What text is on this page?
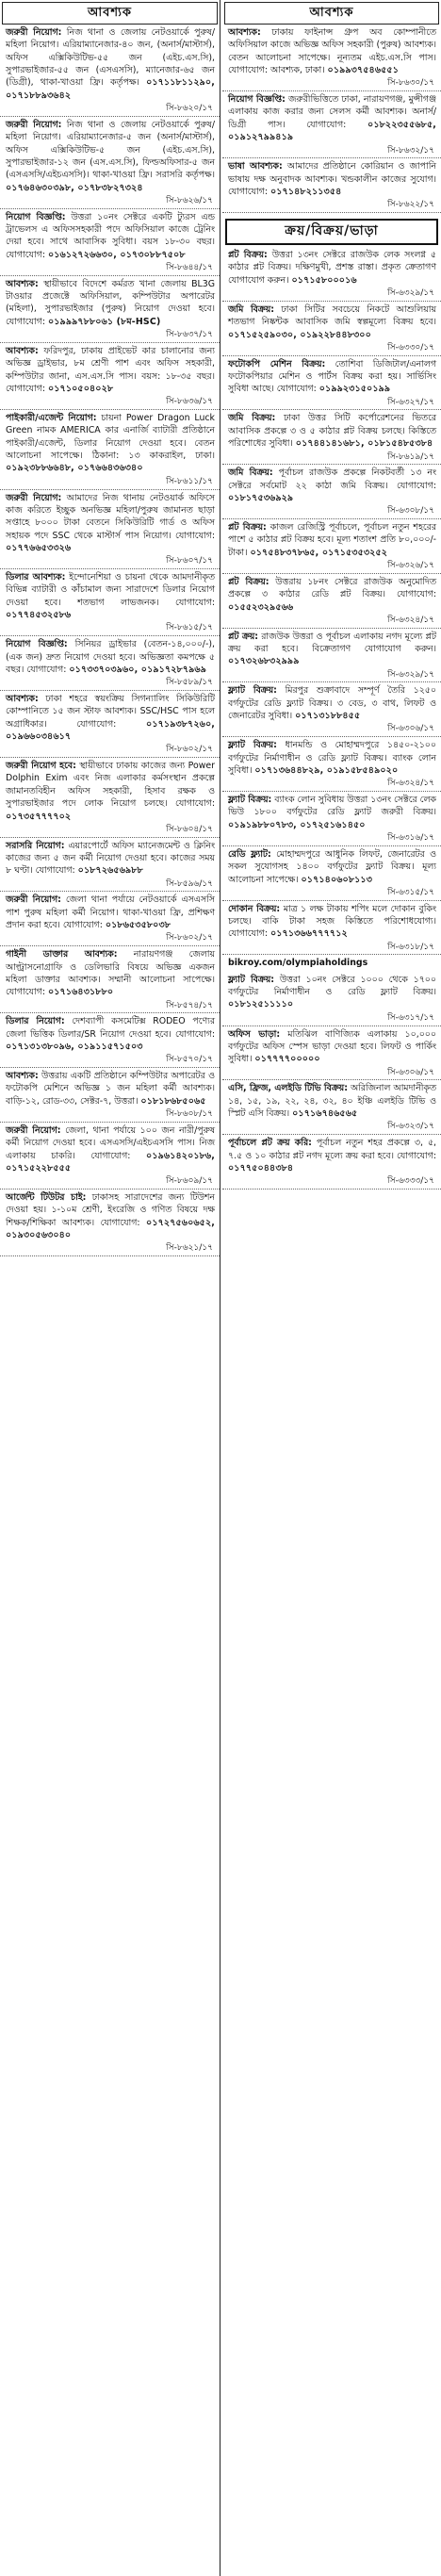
আবশ্যক
জরুরী নিয়োগ: নিজ থানা ও জেলায় নেটওয়ার্কে পুরুষ/মহিলা নিয়োগ। এরিয়াম্যানেজার-৪০ জন, (অনার্স/মাস্টার্স), অফিস এক্সিকিউটিভ-৫৫ জন (এইচ.এস.সি), সুপারভাইজার-৫৫ জন (এসএসসি), ম্যানেজার-৬৫ জন (ডিগ্রী), থাকা-খাওয়া ফ্রি। কর্তৃপক্ষ। ০১৭১১৮১১২৯০, ০১৭১৮৮৯৩৬৪২
সি-৮৬২০/১৭
জরুরী নিয়োগ: নিজ থানা ও জেলায় নেটওয়ার্কে পুরুষ/মহিলা নিয়োগ। এরিয়াম্যানেজার-৫ জন (অনার্স/মাস্টার্স), অফিস এক্সিকিউটিভ-৫ জন (এইচ.এস.সি), সুপারভাইজার-১২ জন (এস.এস.সি), ফিল্ডঅফিসার-৫ জন (এসএসসি/এইচএসসি)। থাকা-খাওয়া ফ্রি। সরাসরি কর্তৃপক্ষ। ০১৭৬৪৬৩০৩৯৮, ০১৭৮৩৮২৭৩২৪
সি-৮৬২৬/১৭
নিয়োগ বিজ্ঞপ্তি: উত্তরা ১০নং সেক্টরে একটি ট্যুরস এন্ড ট্রাভেলস এ অফিসসহকারী পদে অফিসিয়াল কাজে ট্রেনিং দেয়া হবে। সাথে আবাসিক সুবিধা। বয়স ১৮-৩০ বছর। যোগাযোগ: ০১৬১২৭২৬৬৩০, ০১৭৩০৮৮৭৫০৮
সি-৮৬৪৪/১৭
আবশ্যক: স্থায়ীভাবে বিদেশে কর্মরত খানা জেলায় BL3G টাওয়ার প্রজেক্টে অফিসিয়াল, কম্পিউটার অপারেটর (মহিলা), সুপারভাইজার (পুরুষ) নিয়োগ দেওয়া হবে। যোগাযোগ: ০১৯৯৯৭৮৮০৬১ (৮ম-HSC)
সি-৮৬৩৭/১৭
আবশ্যক: ফরিদপুর, ঢাকায় প্রাইভেট কার চালানোর জন্য অভিজ্ঞ ড্রাইভার, ৮ম শ্রেণী পাশ এবং অফিস সহকারী, কম্পিউটার জানা, এস.এস.সি পাস। বয়স: ১৮-৩৫ বছর। যোগাযোগ: ০১৭১০৫০৪০২৮
সি-৮৬৩৬/১৭
পাইকারী/এজেন্ট নিয়োগ: চায়না Power Dragon Luck Green নামক AMERICA কার এনার্জি ব্যাটারী প্রতিষ্ঠানে পাইকারী/এজেন্ট, ডিলার নিয়োগ দেওয়া হবে। বেতন আলোচনা সাপেক্ষে। ঠিকানা: ১৩ কাকরাইল, ঢাকা। ০১৯২৩৮৮৬৬৪৮, ০১৭৬৬৪৩৬৩৪০
সি-৮৬১১/১৭
জরুরী নিয়োগ: আমাদের নিজ থানায় নেটওয়ার্ক অফিসে কাজ করিতে ইচ্ছুক অনভিজ্ঞ মহিলা/পুরুষ জামানত ছাড়া সপ্তাহে ৮০০০ টাকা বেতনে সিকিউরিটি গার্ড ও অফিস সহায়ক পদে SSC থেকে মাস্টার্স পাস নিয়োগ। যোগাযোগ: ০১৭৭৬৬৫৩৩২৬
সি-৮৬০৭/১৭
ডিলার আবশ্যক: ইন্দোনেশিয়া ও চায়না থেকে আমদানীকৃত বিভিন্ন ব্যাটারী ও কাঁচামাল জন্য সারাদেশে ডিলার নিয়োগ দেওয়া হবে। শতভাগ লাভজনক। যোগাযোগ: ০১৭৭৪৫৩২৫৮৬
সি-৮৬১৫/১৭
নিয়োগ বিজ্ঞপ্তি: সিনিয়র ড্রাইভার (বেতন-১৪,০০০/-), (এক জন) দ্রুত নিয়োগ দেওয়া হবে। অভিজ্ঞতা কমপক্ষে ৫ বছর। যোগাযোগ: ০১৭৩৩৭০৩৯৬০, ০১৯১৭২৮৭৯৬৯
সি-৮৫৮৯/১৭
আবশ্যক: ঢাকা শহরে স্বয়ংক্রিয় সিগন্যালিং সিকিউরিটি কোম্পানিতে ১৫ জন স্টাফ আবশ্যক। SSC/HSC পাস হলে অগ্রাধিকার। যোগাযোগ:	০১৭১৯৩৮৭২৬০, ০১৯৬৬০৩৪৬১৭
সি-৮৬০২/১৭
জরুরী নিয়োগ হবে: স্থায়ীভাবে ঢাকায় কাজের জন্য Power Dolphin Exim এবং নিজ এলাকার কর্মসংস্থান প্রকল্পে জামানতবিহীন অফিস সহকারী, হিসাব রক্ষক ও সুপারভাইজার পদে লোক নিয়োগ চলছে। যোগাযোগ: ০১৭৩৫৭৭৭৭০২
সি-৮৬০৪/১৭
সরাসরি নিয়োগ: এয়ারপোর্টে অফিস ম্যানেজমেন্ট ও ক্লিনিং কাজের জন্য ৫ জন কর্মী নিয়োগ দেওয়া হবে। কাজের সময় ৮ ঘণ্টা। যোগাযোগ: ০১৮৭২৬৫৬৯৮৮
সি-৮৫৯৬/১৭
জরুরী নিয়োগ: জেলা থানা পর্যায়ে নেটওয়ার্কে এসএসসি পাশ পুরুষ মহিলা কর্মী নিয়োগ। থাকা-খাওয়া ফ্রি, প্রশিক্ষণ প্রদান করা হবে। যোগাযোগ: ০১৮৬৫৩৫৮০৩৮
সি-৮৬০২/১৭
গাইনী ডাক্তার আবশ্যক: নারায়ণগঞ্জ জেলায় আল্ট্রাসনোগ্রাফি ও ডেলিভারি বিষয়ে অভিজ্ঞ একজন মহিলা ডাক্তার আবশ্যক। সম্মানী আলোচনা সাপেক্ষে। যোগাযোগ: ০১৭১৬৪৩১৮৮০
সি-৮৫৭৪/১৭
ডিলার নিয়োগ: দেশব্যাপী কসমেটিক্স RODEO পণ্যের জেলা ভিত্তিক ডিলার/SR নিয়োগ দেওয়া হবে। যোগাযোগ: ০১৭১৩১৩৮০৯৬, ০১৯১১৫৭১৫০৩
সি-৮৫৭০/১৭
আবশ্যক: উত্তরায় একটি প্রতিষ্ঠানে কম্পিউটার অপারেটর ও ফটোকপি মেশিনে অভিজ্ঞ ১ জন মহিলা কর্মী আবশ্যক। বাড়ি-১২, রোড-৩৩, সেক্টর-৭, উত্তরা। ০১৮১৮৬৮৫০৬৫
সি-৮৬০৮/১৭
জরুরী নিয়োগ: জেলা, থানা পর্যায়ে ১০০ জন নারী/পুরুষ কর্মী নিয়োগ দেওয়া হবে। এসএসসি/এইচএসসি পাস। নিজ এলাকায় চাকরি। যোগাযোগ: ০১৯৬১৪২০১৮৬, ০১৭১৫২২৮৫৫৫
সি-৮৬০৯/১৭
আর্জেন্ট টিউটর চাই: ঢাকাসহ সারাদেশের জন্য টিউশন দেওয়া হয়। ১-১০ম শ্রেণী, ইংরেজি ও গণিত বিষয়ে দক্ষ শিক্ষক/শিক্ষিকা আবশ্যক। যোগাযোগ: ০১৭২৭৫৬০৬৫২, ০১৯৩০৫৬৩০৪০
সি-৮৬২১/১৭
আবশ্যক
আবশ্যক: ঢাকায় ফাইনান্স গ্রুপ অব কোম্পানীতে অফিসিয়াল কাজে অভিজ্ঞ অফিস সহকারী (পুরুষ) আবশ্যক। বেতন আলোচনা সাপেক্ষে। নূন্যতম এইচ.এস.সি পাস। যোগাযোগ: আবশ্যক, ঢাকা। ০১৯৯৩৭৫৪৬৫৫১
সি-৮৬৩০/১৭
নিয়োগ বিজ্ঞপ্তি: জরুরীভিত্তিতে ঢাকা, নারায়ণগঞ্জ, মুন্সীগঞ্জ এলাকায় কাজ করার জন্য সেলস কর্মী আবশ্যক। অনার্স/ডিগ্রী পাস। যোগাযোগ: ০১৮২২৩৫৫৬৮৫, ০১৯১২৭৯৯৪১৯
সি-৮৬৩২/১৭
ভাষা আবশ্যক: আমাদের প্রতিষ্ঠানে কোরিয়ান ও জাপানি ভাষায় দক্ষ অনুবাদক আবশ্যক। খন্ডকালীন কাজের সুযোগ। যোগাযোগ: ০১৭১৪৮২১১৩৫৪
সি-৮৬২২/১৭
ক্রয়/বিক্রয়/ভাড়া
প্লট বিক্রয়: উত্তরা ১৩নং সেক্টরে রাজউক লেক সংলগ্ন ৫ কাঠার প্লট বিক্রয়। দক্ষিণমুখী, প্রশস্ত রাস্তা। প্রকৃত ক্রেতাগণ যোগাযোগ করুন। ০১৭১৫৮০০০১৬
সি-৬৩২৯/১৭
জমি বিক্রয়: ঢাকা সিটির সবচেয়ে নিকটে আশুলিয়ায় শতভাগ নিষ্কন্টক আবাসিক জমি স্বল্পমূল্যে বিক্রয় হবে। ০১৭১৫২৫৯০৩০, ০১৯২২৮৪৪৮৩০০
সি-৬৩৩০/১৭
ফটোকপি মেশিন বিক্রয়: তোশিবা ডিজিটাল/এনালগ ফটোকপিয়ার মেশিন ও পার্টস বিক্রয় করা হয়। সার্ভিসিং সুবিধা আছে। যোগাযোগ: ০১৯৯২৩১৫০১৯৯
সি-৬৩২৭/১৭
জমি বিক্রয়: ঢাকা উত্তর সিটি কর্পোরেশনের ভিতরে আবাসিক প্রকল্পে ৩ ও ৫ কাঠার প্লট বিক্রয় চলছে। কিস্তিতে পরিশোধের সুবিধা। ০১৭৪৪১৪১৬৮১, ০১৮১৫৪৮৫৩৮৪
সি-৮৬১৯/১৭
জমি বিক্রয়: পূর্বাচল রাজউক প্রকল্পে নিকটবর্তী ১৩ নং সেক্টরে সর্বমোট ২২ কাঠা জমি বিক্রয়। যোগাযোগ: ০১৮১৭৫৩৬৯২৯
সি-৬৩০৮/১৭
প্লট বিক্রয়: কাজল রেজিস্ট্রি পূর্বাচলে, পূর্বাচল নতুন শহরের পাশে ৫ কাঠার প্লট বিক্রয় হবে। মূল্য শতাংশ প্রতি ৮০,০০০/- টাকা। ০১৭৫৪৮৩৭৮৬৫, ০১৭১৫৩৫৩২৫২
সি-৬৩২৬/১৭
প্লট বিক্রয়: উত্তরায় ১৮নং সেক্টরে রাজউক অনুমোদিত প্রকল্পে ৩ কাঠার রেডি প্লট বিক্রয়। যোগাযোগ: ০১৫৫২৩২৯৫৬৬
সি-৬৩২৪/১৭
প্লট ক্রয়: রাজউক উত্তরা ও পূর্বাচল এলাকায় নগদ মূল্যে প্লট ক্রয় করা হবে। বিক্রেতাগণ যোগাযোগ করুন। ০১৭৩২৬৮৩২৯৯৯
সি-৬৩২৯/১৭
ফ্ল্যাট বিক্রয়: মিরপুর শুক্রাবাদে সম্পূর্ণ তৈরি ১২৫০ বর্গফুটের রেডি ফ্ল্যাট বিক্রয়। ৩ বেড, ৩ বাথ, লিফট ও জেনারেটর সুবিধা। ০১৭১৩১৮৮৪৫৫
সি-৬৩০৬/১৭
ফ্ল্যাট বিক্রয়: ধানমন্ডি ও মোহাম্মদপুরে ১৪৫০-২১০০ বর্গফুটের নির্মাণাধীন ও রেডি ফ্ল্যাট বিক্রয়। ব্যাংক লোন সুবিধা। ০১৭১৩৬৪৪৮২৯, ০১৯১৫৮৫৪৯০২০
সি-৬৩২৪/১৭
ফ্ল্যাট বিক্রয়: ব্যাংক লোন সুবিধায় উত্তরা ১৩নং সেক্টরে লেক ভিউ ১৮০০ বর্গফুটের রেডি ফ্ল্যাট জরুরী বিক্রয়। ০১৯১৯৮৮০৭৮৩, ০১৭২৫১৬১৪৫০
সি-৬৩১৬/১৭
রেডি ফ্ল্যাট: মোহাম্মদপুরে আধুনিক লিফট, জেনারেটর ও সকল সুযোগসহ ১৪০০ বর্গফুটের ফ্ল্যাট বিক্রয়। মূল্য আলোচনা সাপেক্ষে। ০১৭১৪০৬০৮১১৩
সি-৬৩১৫/১৭
দোকান বিক্রয়: মাত্র ১ লক্ষ টাকায় শপিং মলে দোকান বুকিং চলছে। বাকি টাকা সহজ কিস্তিতে পরিশোধযোগ্য। যোগাযোগ: ০১৭১৩৬৬৭৭৭৭১২
সি-৬৩১৮/১৭
bikroy.com/olympiaholdings
ফ্ল্যাট বিক্রয়: উত্তরা ১০নং সেক্টরে ১০০০ থেকে ১৭০০ বর্গফুটের নির্মাণাধীন ও রেডি ফ্ল্যাট বিক্রয়। ০১৮১২৫১১১১০
সি-৬৩১৭/১৭
অফিস ভাড়া: মতিঝিল বাণিজ্যিক এলাকায় ১০,০০০ বর্গফুটের অফিস স্পেস ভাড়া দেওয়া হবে। লিফট ও পার্কিং সুবিধা। ০১৭৭৭৭০০০০০
সি-৬৩০৬/১৭
এসি, ফ্রিজ, এলইডি টিভি বিক্রয়: অরিজিনাল আমদানীকৃত ১৪, ১৫, ১৯, ২২, ২৪, ৩২, ৪০ ইঞ্চি এলইডি টিভি ও স্প্লিট এসি বিক্রয়। ০১৭১৬৭৪৬৫৬৫
সি-৬৩২৩/১৭
পূর্বাচলে প্লট ক্রয় করি: পূর্বাচল নতুন শহর প্রকল্পে ৩, ৫, ৭.৫ ও ১০ কাঠার প্লট নগদ মূল্যে ক্রয় করা হবে। যোগাযোগ: ০১৭৭৫০৪৪৩৮৪
সি-৬৩৩৩/১৭
